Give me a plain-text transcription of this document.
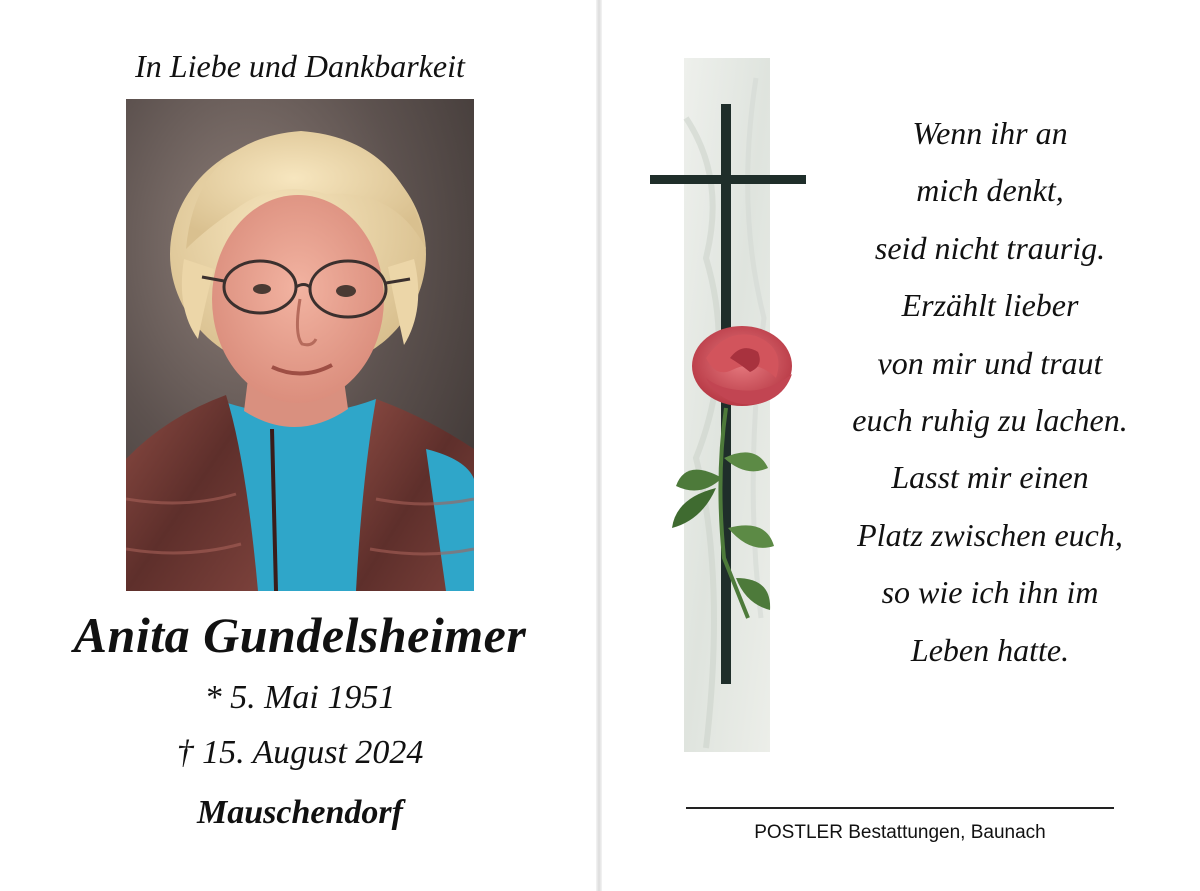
In Liebe und Dankbarkeit
Anita Gundelsheimer
* 5. Mai 1951
† 15. August 2024
Mauschendorf
Wenn ihr an
mich denkt,
seid nicht traurig.
Erzählt lieber
von mir und traut
euch ruhig zu lachen.
Lasst mir einen
Platz zwischen euch,
so wie ich ihn im
Leben hatte.
POSTLER Bestattungen, Baunach
